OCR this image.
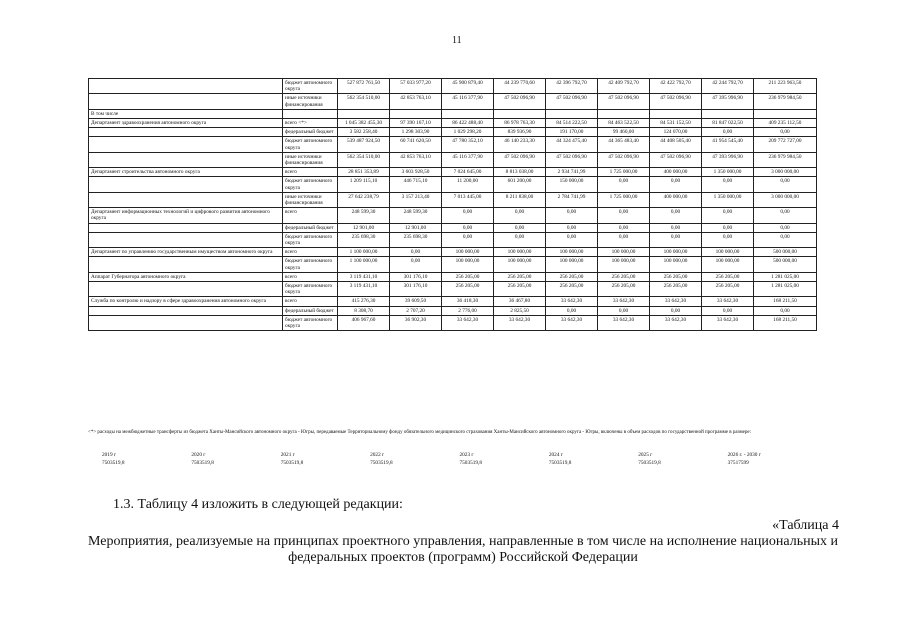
11
	бюджет автономного округа	527 872 761,50	57 033 977,20	45 900 879,40	44 239 770,60	42 396 792,70	42 409 792,70	42 422 792,70	42 244 792,70	211 223 963,50
	иные источники финансирования	562 354 510,00	42 853 763,10	45 116 377,90	47 502 096,90	47 502 096,90	47 502 096,90	47 502 096,90	47 395 996,90	236 979 984,50
В том числе										
Департамент здравоохранения автономного округа	всего <*>	1 045 382 455,30	97 390 167,10	86 422 488,40	86 978 763,30	84 514 222,50	84 463 522,50	84 531 152,50	81 847 022,50	409 235 112,50
	федеральный бюджет	3 582 258,40	1 298 303,90	1 029 298,20	839 936,90	191 170,00	99 460,00	124 070,00	0,00	0,00
	бюджет автономного округа	539 487 924,50	60 741 620,50	47 780 352,10	46 140 233,30	44 324 475,40	44 365 483,40	44 408 505,40	41 954 545,40	209 772 727,00
	иные источники финансирования	562 354 510,00	42 853 763,10	45 116 377,90	47 502 096,90	47 502 096,90	47 502 096,90	47 502 096,90	47 393 996,90	236 979 984,50
Департамент строительства автономного округа	всего	28 851 353,89	3 603 928,50	7 024 645,00	8 813 038,00	2 934 741,99	1 725 000,00	400 000,00	1 350 000,00	3 000 000,00
	бюджет автономного округа	1 209 115,10	446 715,10	11 200,00	601 200,00	150 000,00	0,00	0,00	0,00	0,00
	иные источники финансирования	27 642 238,79	3 157 213,40	7 013 445,00	8 211 838,00	2 784 741,99	1 725 000,00	400 000,00	1 350 000,00	3 000 000,00
Департамент информационных технологий и цифрового развития автономного округа	всего	248 599,30	248 599,30	0,00	0,00	0,00	0,00	0,00	0,00	0,00
	федеральный бюджет	12 901,00	12 901,00	0,00	0,00	0,00	0,00	0,00	0,00	0,00
	бюджет автономного округа	235 698,30	235 698,30	0,00	0,00	0,00	0,00	0,00	0,00	0,00
Департамент по управлению государственным имуществом автономного округа	всего	1 100 000,00	0,00	100 000,00	100 000,00	100 000,00	100 000,00	100 000,00	100 000,00	500 000,00
	бюджет автономного округа	1 100 000,00	0,00	100 000,00	100 000,00	100 000,00	100 000,00	100 000,00	100 000,00	500 000,00
Аппарат Губернатора автономного округа	всего	3 119 431,10	301 176,10	256 205,00	256 205,00	256 205,00	256 205,00	256 205,00	256 205,00	1 281 025,00
	бюджет автономного округа	3 119 431,10	301 176,10	256 205,00	256 205,00	256 205,00	256 205,00	256 205,00	256 205,00	1 281 025,00
Служба по контролю и надзору в сфере здравоохранения автономного округа	всего	415 276,30	39 609,50	36 418,30	36 467,80	33 642,30	33 642,30	33 642,30	33 642,30	168 211,50
	федеральный бюджет	8 308,70	2 707,20	2 776,00	2 825,50	0,00	0,00	0,00	0,00	0,00
	бюджет автономного округа	406 967,60	36 902,30	33 642,30	33 642,30	33 642,30	33 642,30	33 642,30	33 642,30	168 211,50
<*> расходы на межбюджетные трансферты из бюджета Ханты-Мансийского автономного округа - Югры, передаваемые Территориальному фонду обязательного медицинского страхования Ханты-Мансийского автономного округа - Югры, включены в объем расходов по государственной программе в размере:
2019 г	2020 г	2021 г	2022 г	2023 г	2024 г	2025 г	2026 г. - 2030 г
7503519,8	7503519,8	7503519,8	7503519,8	7503519,8	7503519,8	7503519,8	37517599
1.3. Таблицу 4 изложить в следующей редакции:
«Таблица 4
Мероприятия, реализуемые на принципах проектного управления, направленные в том числе на исполнение национальных и федеральных проектов (программ) Российской Федерации
